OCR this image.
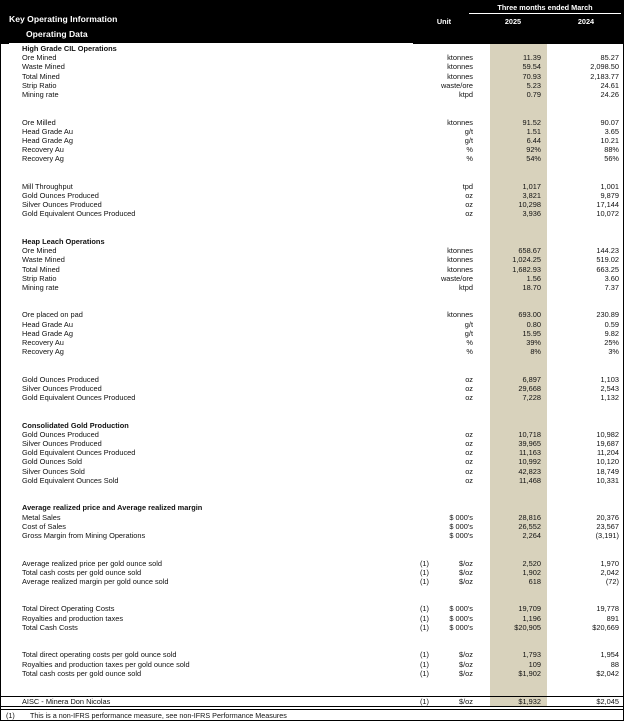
Key Operating Information
Operating Data
Three months ended March
Unit	2025	2024
High Grade CIL Operations
Ore Mined	ktonnes	11.39	85.27
Waste Mined	ktonnes	59.54	2,098.50
Total Mined	ktonnes	70.93	2,183.77
Strip Ratio	waste/ore	5.23	24.61
Mining rate	ktpd	0.79	24.26
Ore Milled	ktonnes	91.52	90.07
Head Grade Au	g/t	1.51	3.65
Head Grade Ag	g/t	6.44	10.21
Recovery Au	%	92%	88%
Recovery Ag	%	54%	56%
Mill Throughput	tpd	1,017	1,001
Gold Ounces Produced	oz	3,821	9,879
Silver Ounces Produced	oz	10,298	17,144
Gold Equivalent Ounces Produced	oz	3,936	10,072
Heap Leach Operations
Ore Mined	ktonnes	658.67	144.23
Waste Mined	ktonnes	1,024.25	519.02
Total Mined	ktonnes	1,682.93	663.25
Strip Ratio	waste/ore	1.56	3.60
Mining rate	ktpd	18.70	7.37
Ore placed on pad	ktonnes	693.00	230.89
Head Grade Au	g/t	0.80	0.59
Head Grade Ag	g/t	15.95	9.82
Recovery Au	%	39%	25%
Recovery Ag	%	8%	3%
Gold Ounces Produced	oz	6,897	1,103
Silver Ounces Produced	oz	29,668	2,543
Gold Equivalent Ounces Produced	oz	7,228	1,132
Consolidated Gold Production
Gold Ounces Produced	oz	10,718	10,982
Silver Ounces Produced	oz	39,965	19,687
Gold Equivalent Ounces Produced	oz	11,163	11,204
Gold Ounces Sold	oz	10,992	10,120
Silver Ounces Sold	oz	42,823	18,749
Gold Equivalent Ounces Sold	oz	11,468	10,331
Average realized price and Average realized margin
Metal Sales	$ 000's	28,816	20,376
Cost of Sales	$ 000's	26,552	23,567
Gross Margin from Mining Operations	$ 000's	2,264	(3,191)
Average realized price per gold ounce sold	(1)	$/oz	2,520	1,970
Total cash costs per gold ounce sold	(1)	$/oz	1,902	2,042
Average realized margin per gold ounce sold	(1)	$/oz	618	(72)
Total Direct Operating Costs	(1)	$ 000's	19,709	19,778
Royalties and production taxes	(1)	$ 000's	1,196	891
Total Cash Costs	(1)	$ 000's	$20,905	$20,669
Total direct operating costs per gold ounce sold	(1)	$/oz	1,793	1,954
Royalties and production taxes per gold ounce sold	(1)	$/oz	109	88
Total cash costs per gold ounce sold	(1)	$/oz	$1,902	$2,042
AISC - Minera Don Nicolas	(1)	$/oz	$1,932	$2,045
(1)	This is a non-IFRS performance measure, see non-IFRS Performance Measures
